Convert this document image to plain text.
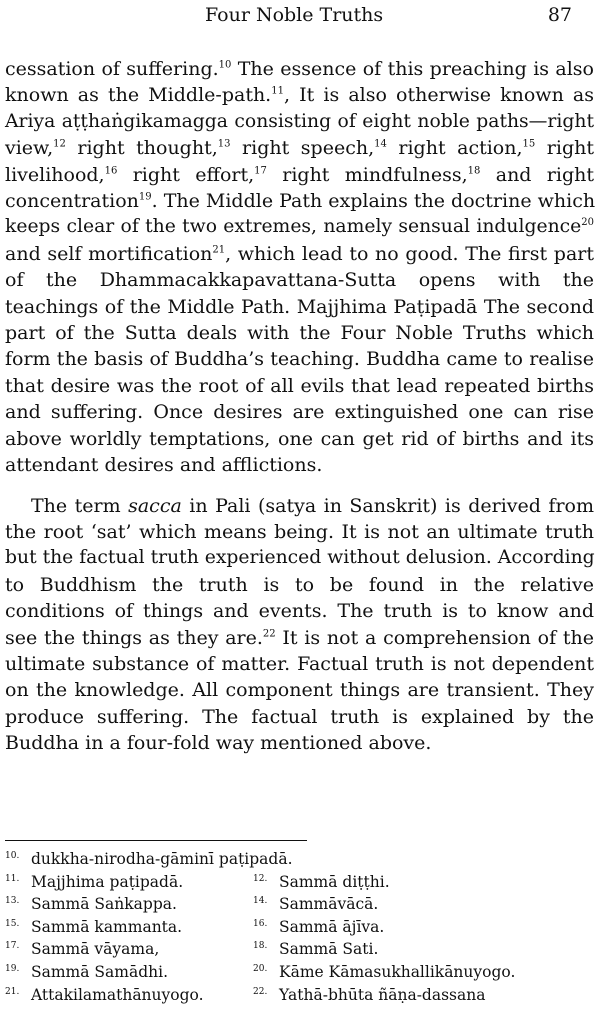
Four Noble Truths	87
cessation of suffering.$^{10}$ The essence of this preaching is also
known as the Middle-path.$^{11}$, It is also otherwise known as
Ariya aṭṭhaṅgikamagga consisting of eight noble paths—right
view,$^{12}$ right thought,$^{13}$ right speech,$^{14}$ right action,$^{15}$ right
livelihood,$^{16}$ right effort,$^{17}$ right mindfulness,$^{18}$ and right
concentration$^{19}$. The Middle Path explains the doctrine which
keeps clear of the two extremes, namely sensual indulgence$^{20}$
and self mortification$^{21}$, which lead to no good. The first part
of the Dhammacakkapavattana-Sutta opens with the
teachings of the Middle Path. Majjhima Paṭipadā The second
part of the Sutta deals with the Four Noble Truths which
form the basis of Buddha’s teaching. Buddha came to realise
that desire was the root of all evils that lead repeated births
and suffering. Once desires are extinguished one can rise
above worldly temptations, one can get rid of births and its
attendant desires and afflictions.
The term sacca in Pali (satya in Sanskrit) is derived from
the root ‘sat’ which means being. It is not an ultimate truth
but the factual truth experienced without delusion. According
to Buddhism the truth is to be found in the relative
conditions of things and events. The truth is to know and
see the things as they are.$^{22}$ It is not a comprehension of the
ultimate substance of matter. Factual truth is not dependent
on the knowledge. All component things are transient. They
produce suffering. The factual truth is explained by the
Buddha in a four-fold way mentioned above.
10. dukkha-nirodha-gāminī paṭipadā.
11. Majjhima paṭipadā.	12. Sammā diṭṭhi.
13. Sammā Saṅkappa.	14. Sammāvācā.
15. Sammā kammanta.	16. Sammā ājīva.
17. Sammā vāyama,	18. Sammā Sati.
19. Sammā Samādhi.	20. Kāme Kāmasukhallikānuyogo.
21. Attakilamathānuyogo.	22. Yathā-bhūta ñāṇa-dassana
